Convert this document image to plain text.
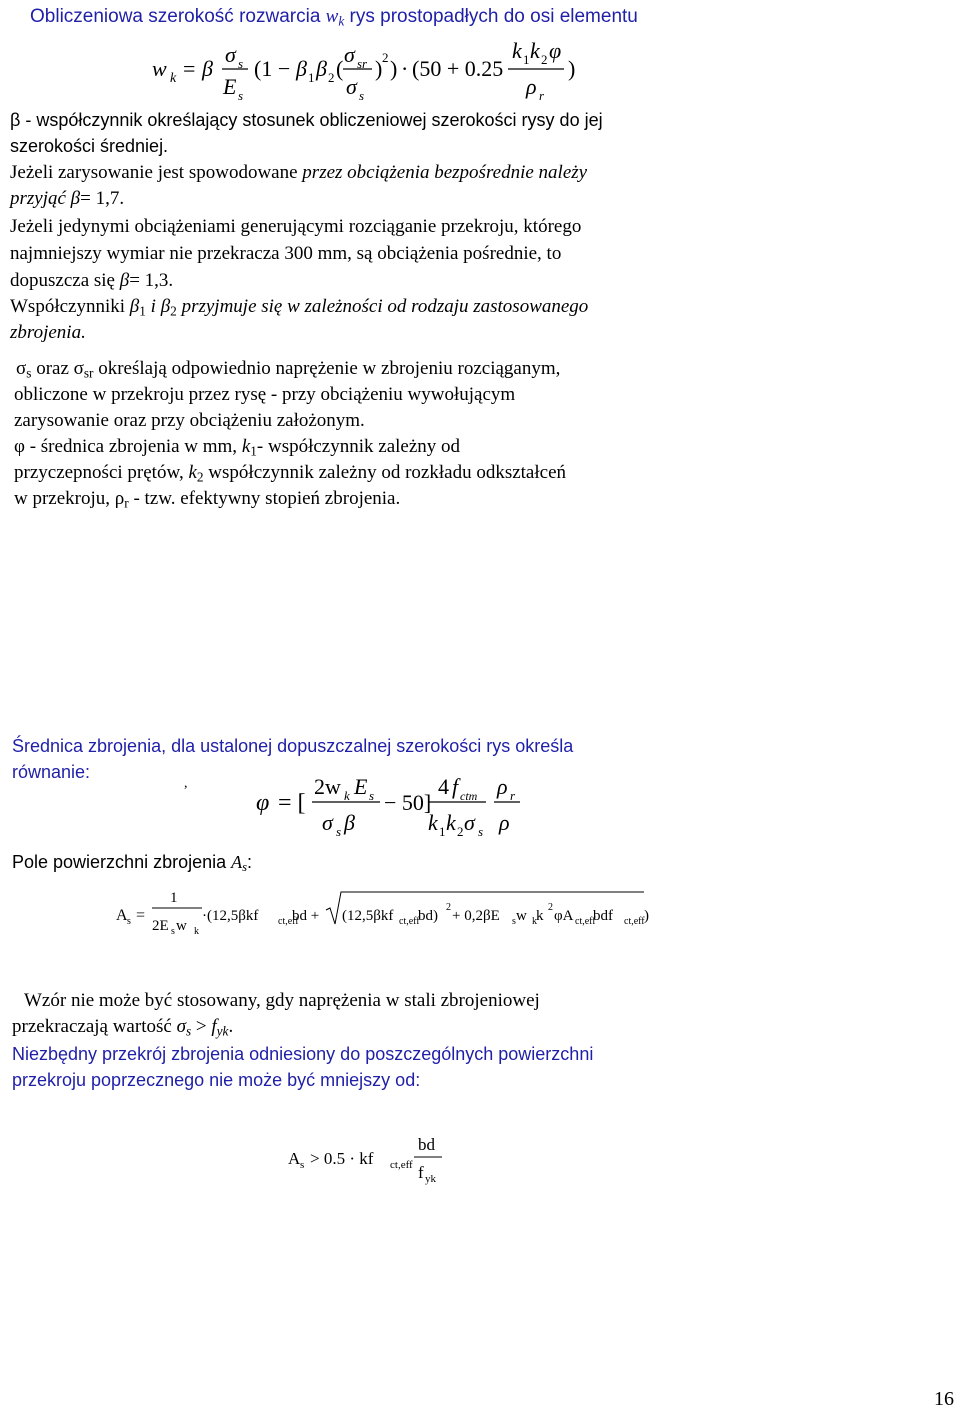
Obliczeniowa szerokość rozwarcia $w_k$ rys prostopadłych do osi elementu
w k = β
σ s
E s
(1 − β 1 β 2 (
σ sr
σ s
) 2 ) · (50 + 0.25
k 1 k 2 φ
ρ r
)
β - współczynnik określający stosunek obliczeniowej szerokości rysy do jej
szerokości średniej.
Jeżeli zarysowanie jest spowodowane przez obciążenia bezpośrednie należy
przyjąć β= 1,7.
Jeżeli jedynymi obciążeniami generującymi rozciąganie przekroju, którego
najmniejszy wymiar nie przekracza 300 mm, są obciążenia pośrednie, to
dopuszcza się β= 1,3.
Współczynniki $\beta_1$ i $\beta_2$ przyjmuje się w zależności od rodzaju zastosowanego
zbrojenia.
$\sigma_s$ oraz $\sigma_{sr}$ określają odpowiednio naprężenie w zbrojeniu rozciąganym,
obliczone w przekroju przez rysę - przy obciążeniu wywołującym
zarysowanie oraz przy obciążeniu założonym.
φ - średnica zbrojenia w mm, $k_1-$ współczynnik zależny od
przyczepności prętów, $k_2$ współczynnik zależny od rozkładu odkształceń
w przekroju, $\rho_r$ - tzw. efektywny stopień zbrojenia.
Średnica zbrojenia, dla ustalonej dopuszczalnej szerokości rys określa
równanie:
,
φ = [
2w k E s
σ s β
− 50]
4 f ctm
k 1 k 2 σ s
ρ r
ρ
Pole powierzchni zbrojenia $A_s$:
A s =
1
2E s w k
·(12,5βkf ct,eff
bd + (12,5βkf ct,eff
bd)
2
+ 0,2βE s w k k
2
φA ct,eff
bdf ct,eff )
Wzór nie może być stosowany, gdy naprężenia w stali zbrojeniowej
przekraczają wartość $\sigma_s > f_{yk}$.
Niezbędny przekrój zbrojenia odniesiony do poszczególnych powierzchni
przekroju poprzecznego nie może być mniejszy od:
A s > 0.5 · kf ct,eff
bd
f yk
16
